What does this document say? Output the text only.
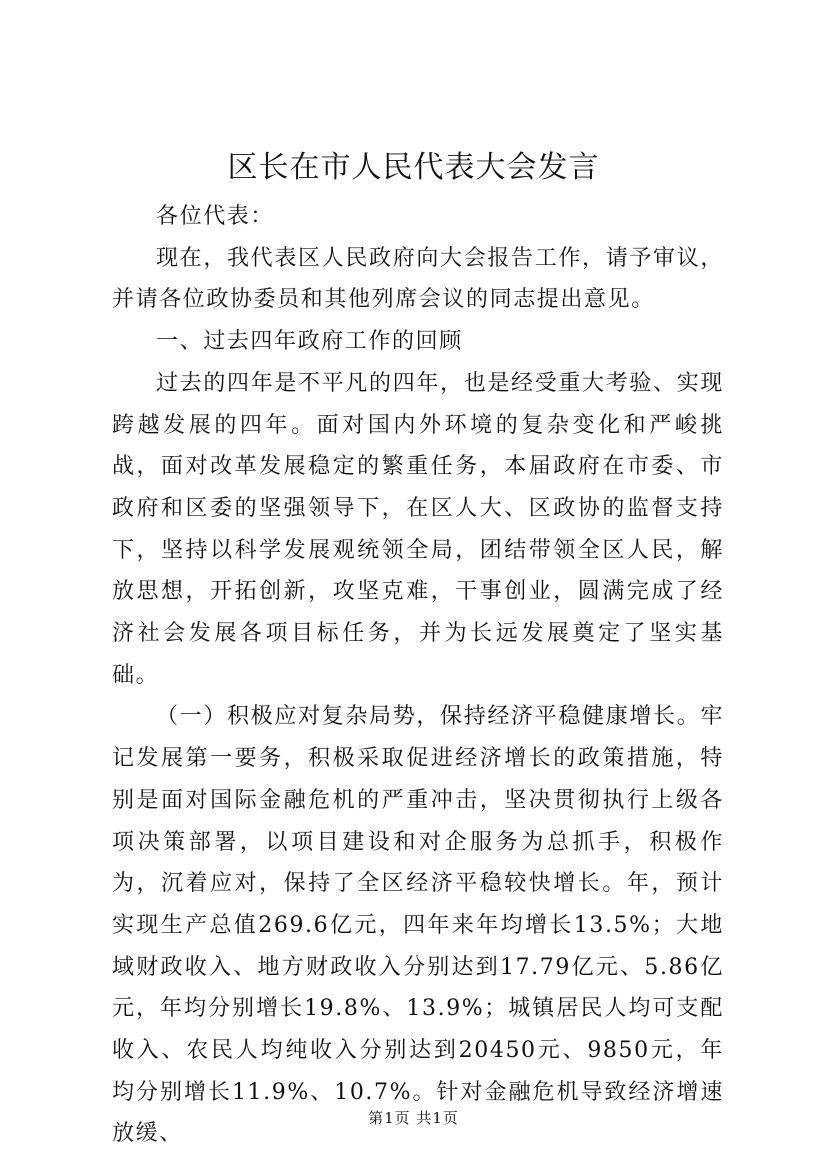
区长在市人民代表大会发言

各位代表：

现在，我代表区人民政府向大会报告工作，请予审议，并请各位政协委员和其他列席会议的同志提出意见。

一、过去四年政府工作的回顾

过去的四年是不平凡的四年，也是经受重大考验、实现跨越发展的四年。面对国内外环境的复杂变化和严峻挑战，面对改革发展稳定的繁重任务，本届政府在市委、市政府和区委的坚强领导下，在区人大、区政协的监督支持下，坚持以科学发展观统领全局，团结带领全区人民，解放思想，开拓创新，攻坚克难，干事创业，圆满完成了经济社会发展各项目标任务，并为长远发展奠定了坚实基础。

（一）积极应对复杂局势，保持经济平稳健康增长。牢记发展第一要务，积极采取促进经济增长的政策措施，特别是面对国际金融危机的严重冲击，坚决贯彻执行上级各项决策部署，以项目建设和对企服务为总抓手，积极作为，沉着应对，保持了全区经济平稳较快增长。年，预计实现生产总值269.6亿元，四年来年均增长13.5%；大地域财政收入、地方财政收入分别达到17.79亿元、5.86亿元，年均分别增长19.8%、13.9%；城镇居民人均可支配收入、农民人均纯收入分别达到20450元、9850元，年均分别增长11.9%、10.7%。针对金融危机导致经济增速放缓、

第1页 共1页
